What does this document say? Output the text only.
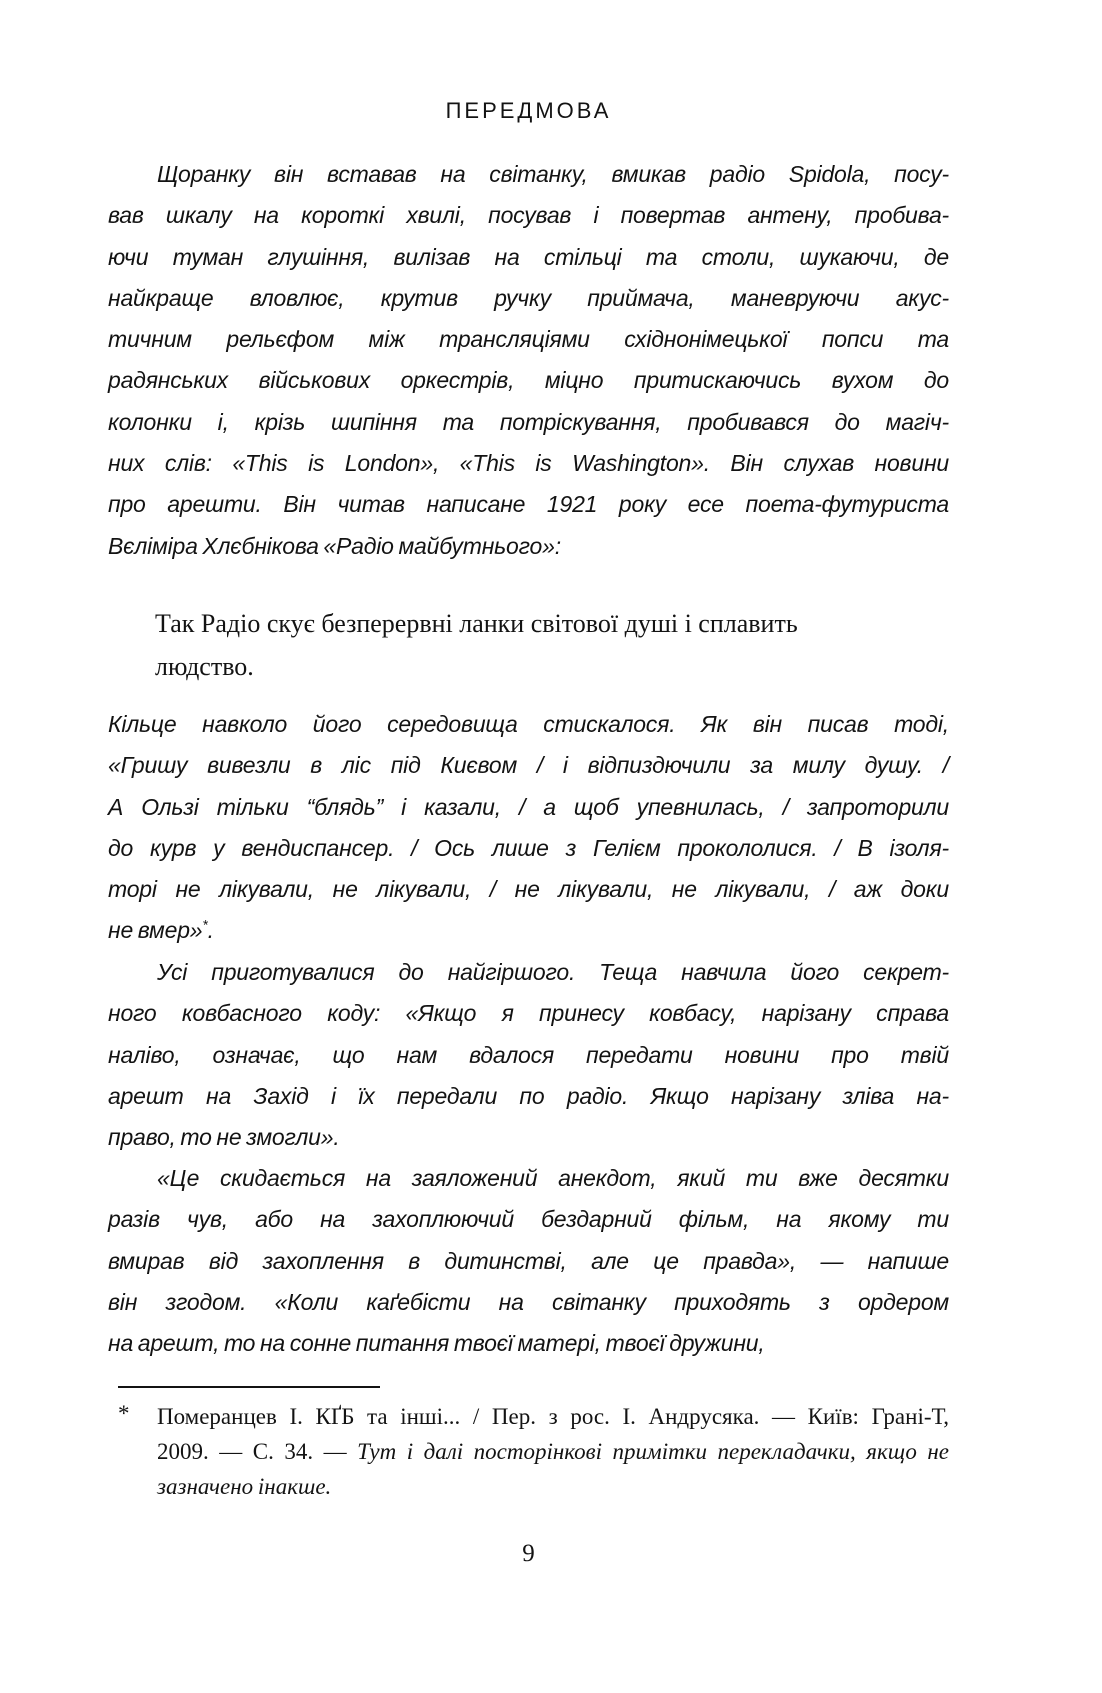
ПЕРЕДМОВА
Щоранку він вставав на світанку, вмикав радіо Spidola, посу-
вав шкалу на короткі хвилі, посував і повертав антену, пробива-
ючи туман глушіння, вилізав на стільці та столи, шукаючи, де
найкраще вловлює, крутив ручку приймача, маневруючи акус-
тичним рельєфом між трансляціями східнонімецької попси та
радянських військових оркестрів, міцно притискаючись вухом до
колонки і, крізь шипіння та потріскування, пробивався до магіч-
них слів: «This is London», «This is Washington». Він слухав новини
про арешти. Він читав написане 1921 року есе поета-футуриста
Вєліміра Хлєбнікова «Радіо майбутнього»:
Так Радіо скує безперервні ланки світової душі і сплавить
людство.
Кільце навколо його середовища стискалося. Як він писав тоді,
«Гришу вивезли в ліс під Києвом / і відпиздючили за милу душу. /
А Ользі тільки “блядь” і казали, / а щоб упевнилась, / запроторили
до курв у вендиспансер. / Ось лише з Гелієм прокололися. / В ізоля-
торі не лікували, не лікували, / не лікували, не лікували, / аж доки
не вмер»*.
Усі приготувалися до найгіршого. Теща навчила його секрет-
ного ковбасного коду: «Якщо я принесу ковбасу, нарізану справа
наліво, означає, що нам вдалося передати новини про твій
арешт на Захід і їх передали по радіо. Якщо нарізану зліва на-
право, то не змогли».
«Це скидається на заяложений анекдот, який ти вже десятки
разів чув, або на захоплюючий бездарний фільм, на якому ти
вмирав від захоплення в дитинстві, але це правда», — напише
він згодом. «Коли каґебісти на світанку приходять з ордером
на арешт, то на сонне питання твоєї матері, твоєї дружини,
* Померанцев І. КҐБ та інші... / Пер. з рос. І. Андрусяка. — Київ: Грані-Т,
2009. — С. 34. — Тут і далі посторінкові примітки перекладачки, якщо не
зазначено інакше.
9
